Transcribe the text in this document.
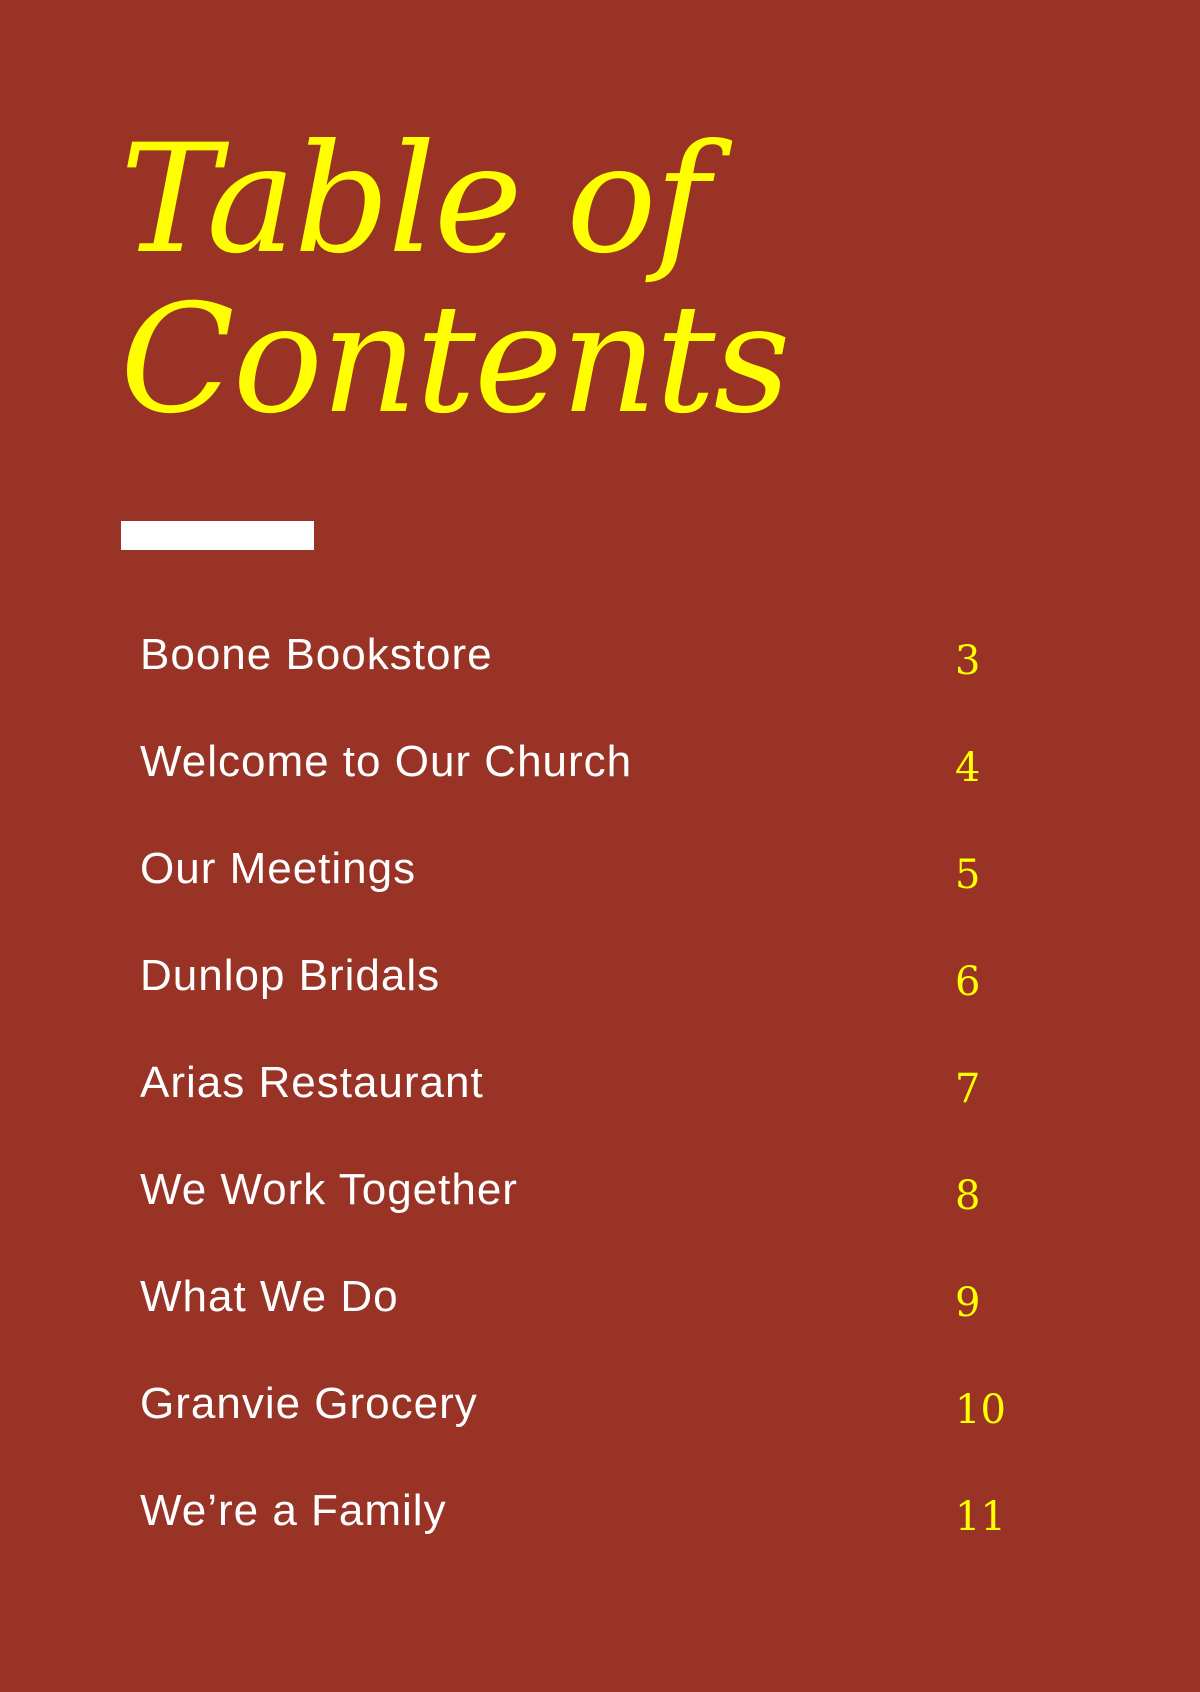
Table of
Contents
Boone Bookstore	3
Welcome to Our Church	4
Our Meetings	5
Dunlop Bridals	6
Arias Restaurant	7
We Work Together	8
What We Do	9
Granvie Grocery	10
We’re a Family	11
